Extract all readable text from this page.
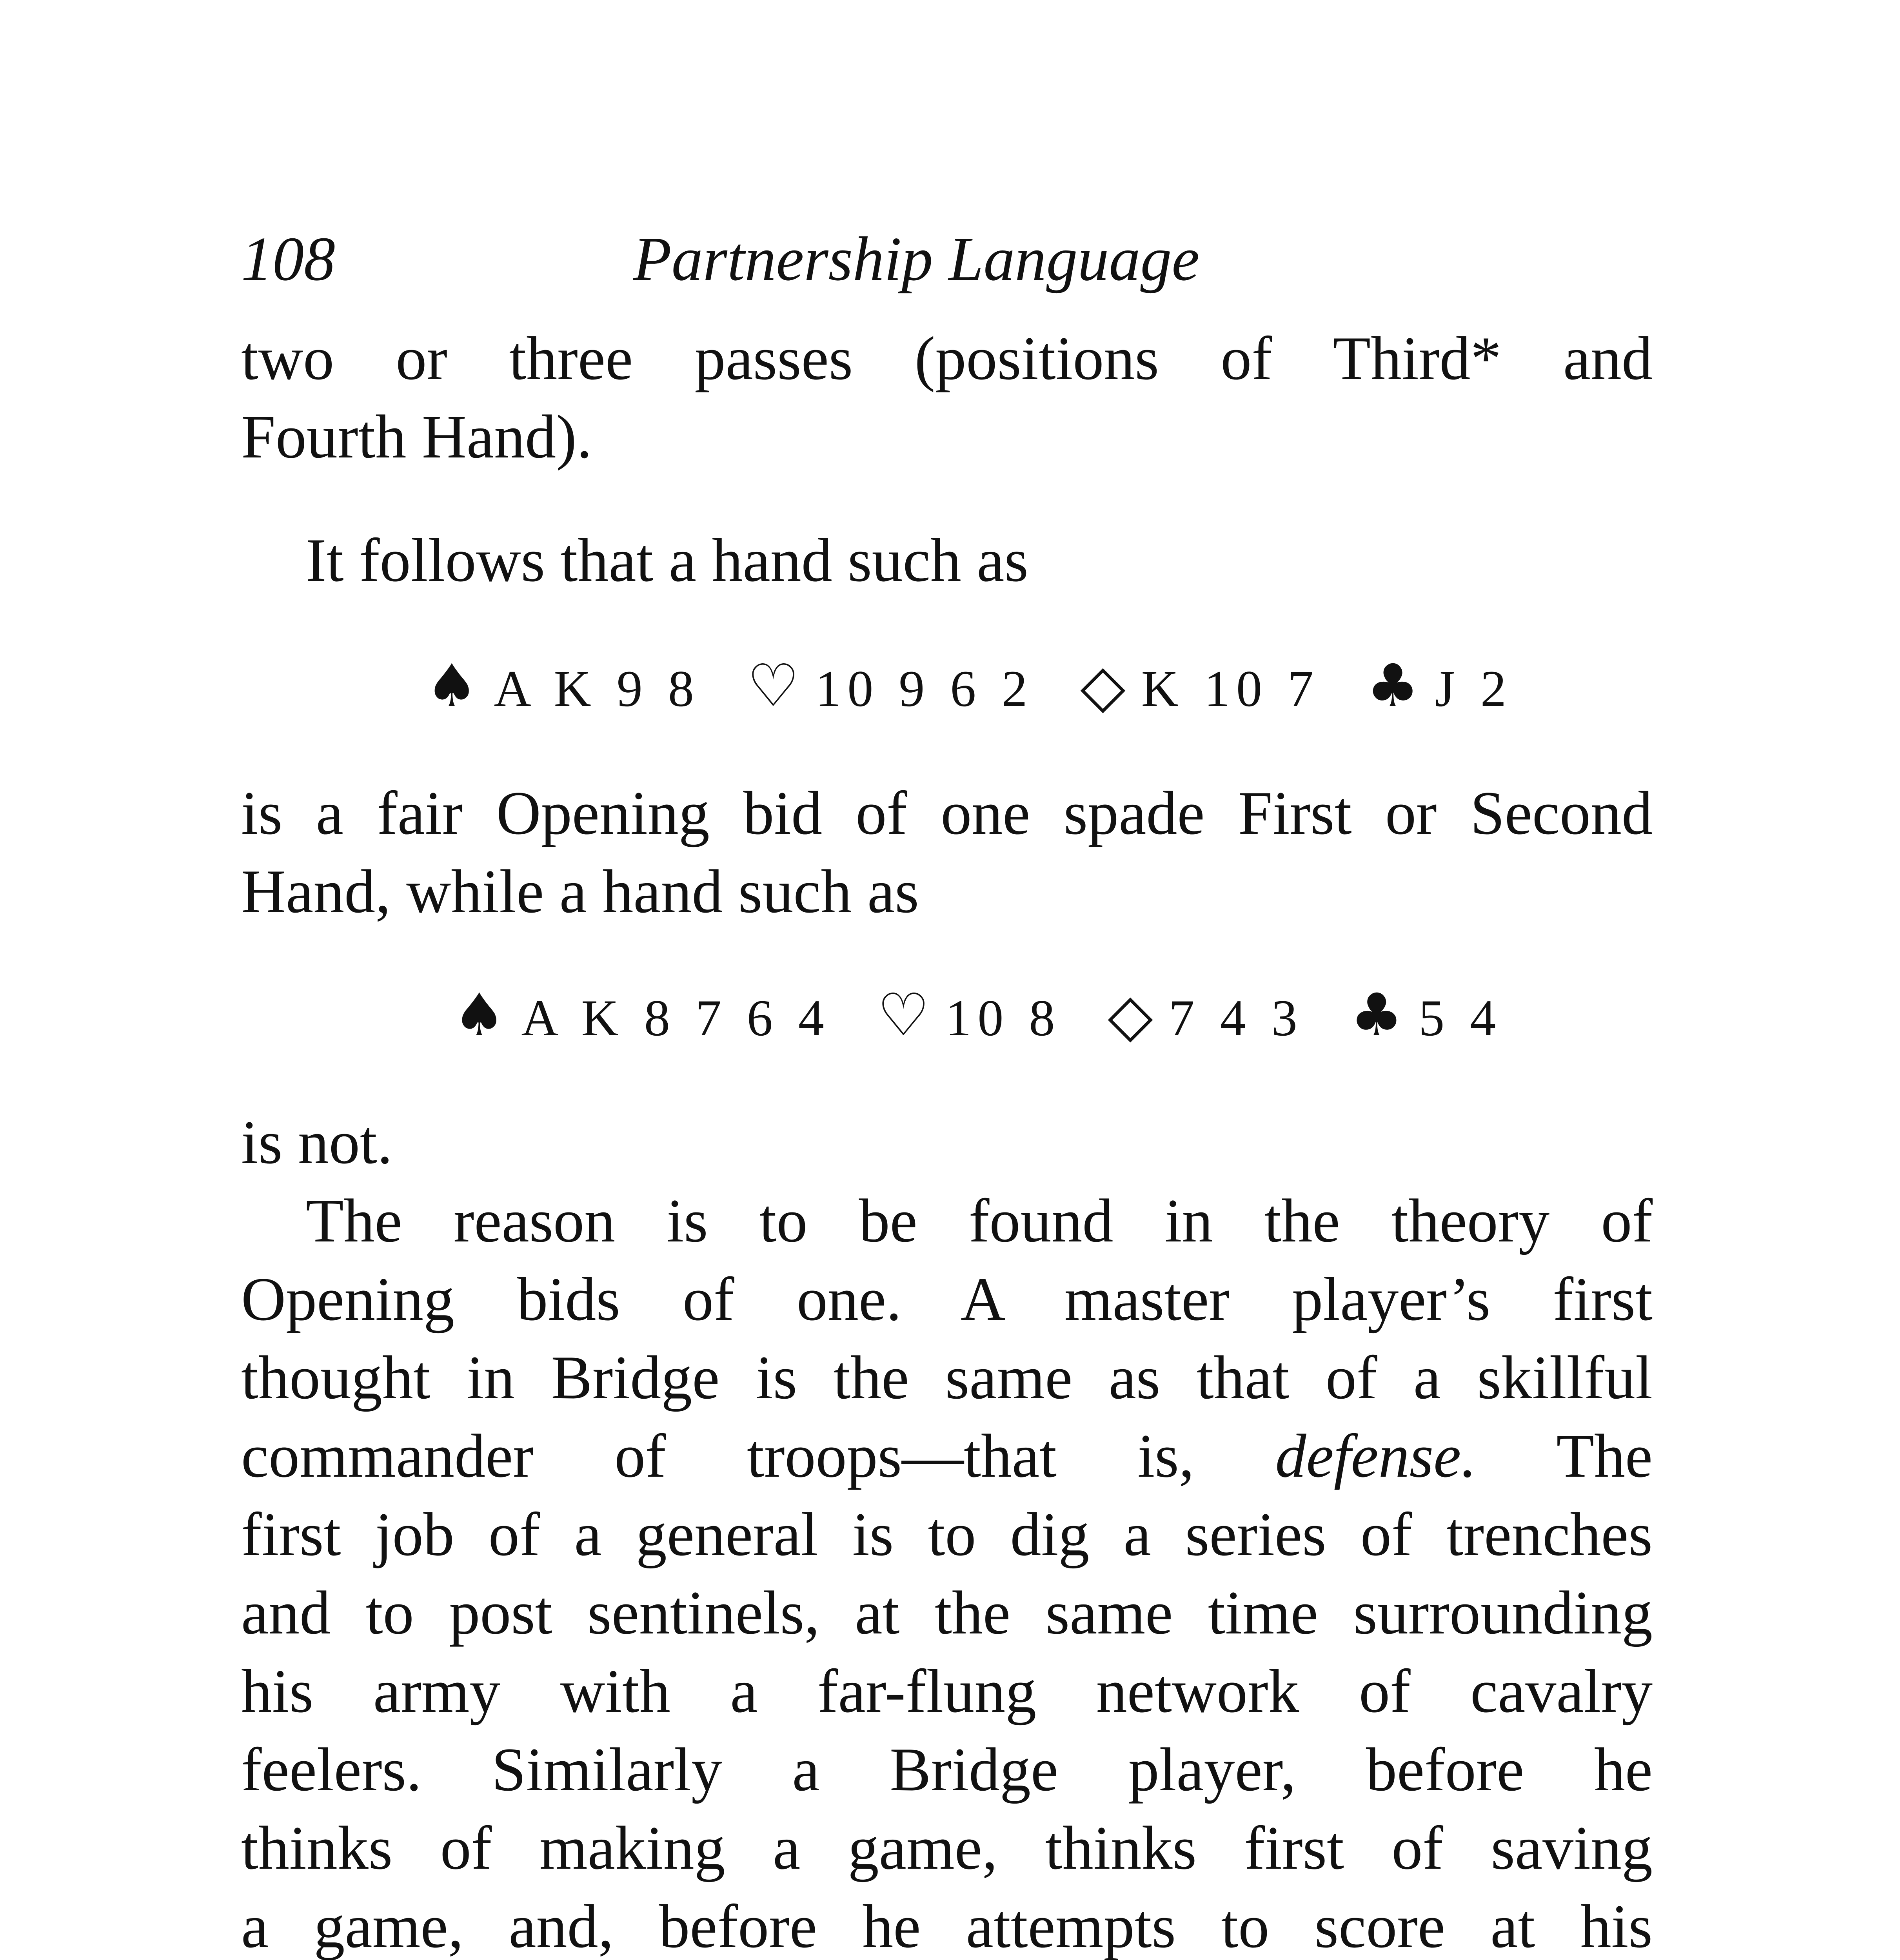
108	Partnership Language
two or three passes (positions of Third* and
Fourth Hand).
It follows that a hand such as
♠ A K 9 8 ♡ 10 9 6 2 ◇ K 10 7 ♣ J 2
is a fair Opening bid of one spade First or Second
Hand, while a hand such as
♠ A K 8 7 6 4 ♡ 10 8 ◇ 7 4 3 ♣ 5 4
is not.
The reason is to be found in the theory of
Opening bids of one. A master player’s first
thought in Bridge is the same as that of a skillful
commander of troops—that is, defense. The
first job of a general is to dig a series of trenches
and to post sentinels, at the same time surrounding
his army with a far-flung network of cavalry
feelers. Similarly a Bridge player, before he
thinks of making a game, thinks first of saving
a game, and, before he attempts to score at his
